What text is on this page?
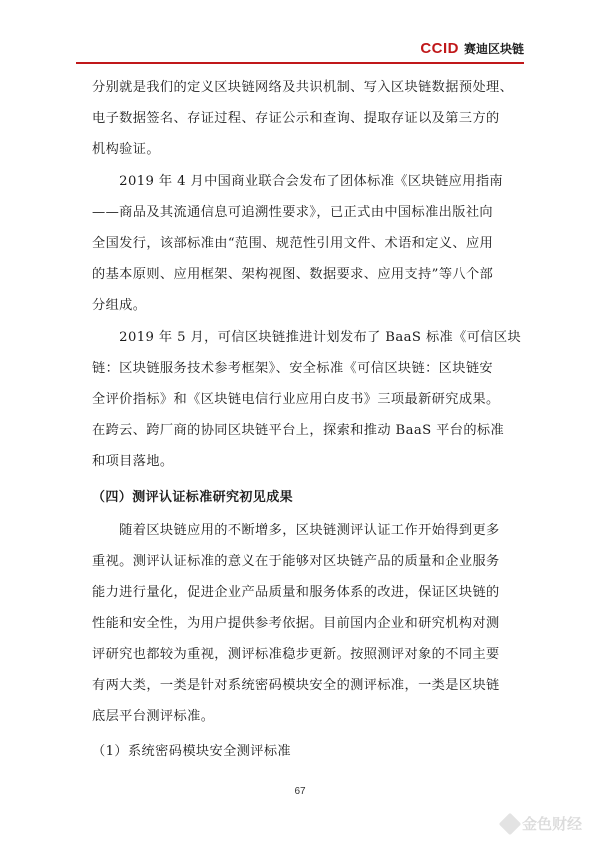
CCID 赛迪区块链
分别就是我们的定义区块链网络及共识机制、写入区块链数据预处理、
电子数据签名、存证过程、存证公示和查询、提取存证以及第三方的
机构验证。
　　2019 年 4 月中国商业联合会发布了团体标准《区块链应用指南
——商品及其流通信息可追溯性要求》，已正式由中国标准出版社向
全国发行，该部标准由“范围、规范性引用文件、术语和定义、应用
的基本原则、应用框架、架构视图、数据要求、应用支持”等八个部
分组成。
　　2019 年 5 月，可信区块链推进计划发布了 BaaS 标准《可信区块
链：区块链服务技术参考框架》、安全标准《可信区块链：区块链安
全评价指标》和《区块链电信行业应用白皮书》三项最新研究成果。
在跨云、跨厂商的协同区块链平台上，探索和推动 BaaS 平台的标准
和项目落地。
（四）测评认证标准研究初见成果
　　随着区块链应用的不断增多，区块链测评认证工作开始得到更多
重视。测评认证标准的意义在于能够对区块链产品的质量和企业服务
能力进行量化，促进企业产品质量和服务体系的改进，保证区块链的
性能和安全性，为用户提供参考依据。目前国内企业和研究机构对测
评研究也都较为重视，测评标准稳步更新。按照测评对象的不同主要
有两大类，一类是针对系统密码模块安全的测评标准，一类是区块链
底层平台测评标准。
（1）系统密码模块安全测评标准
67
金色财经
